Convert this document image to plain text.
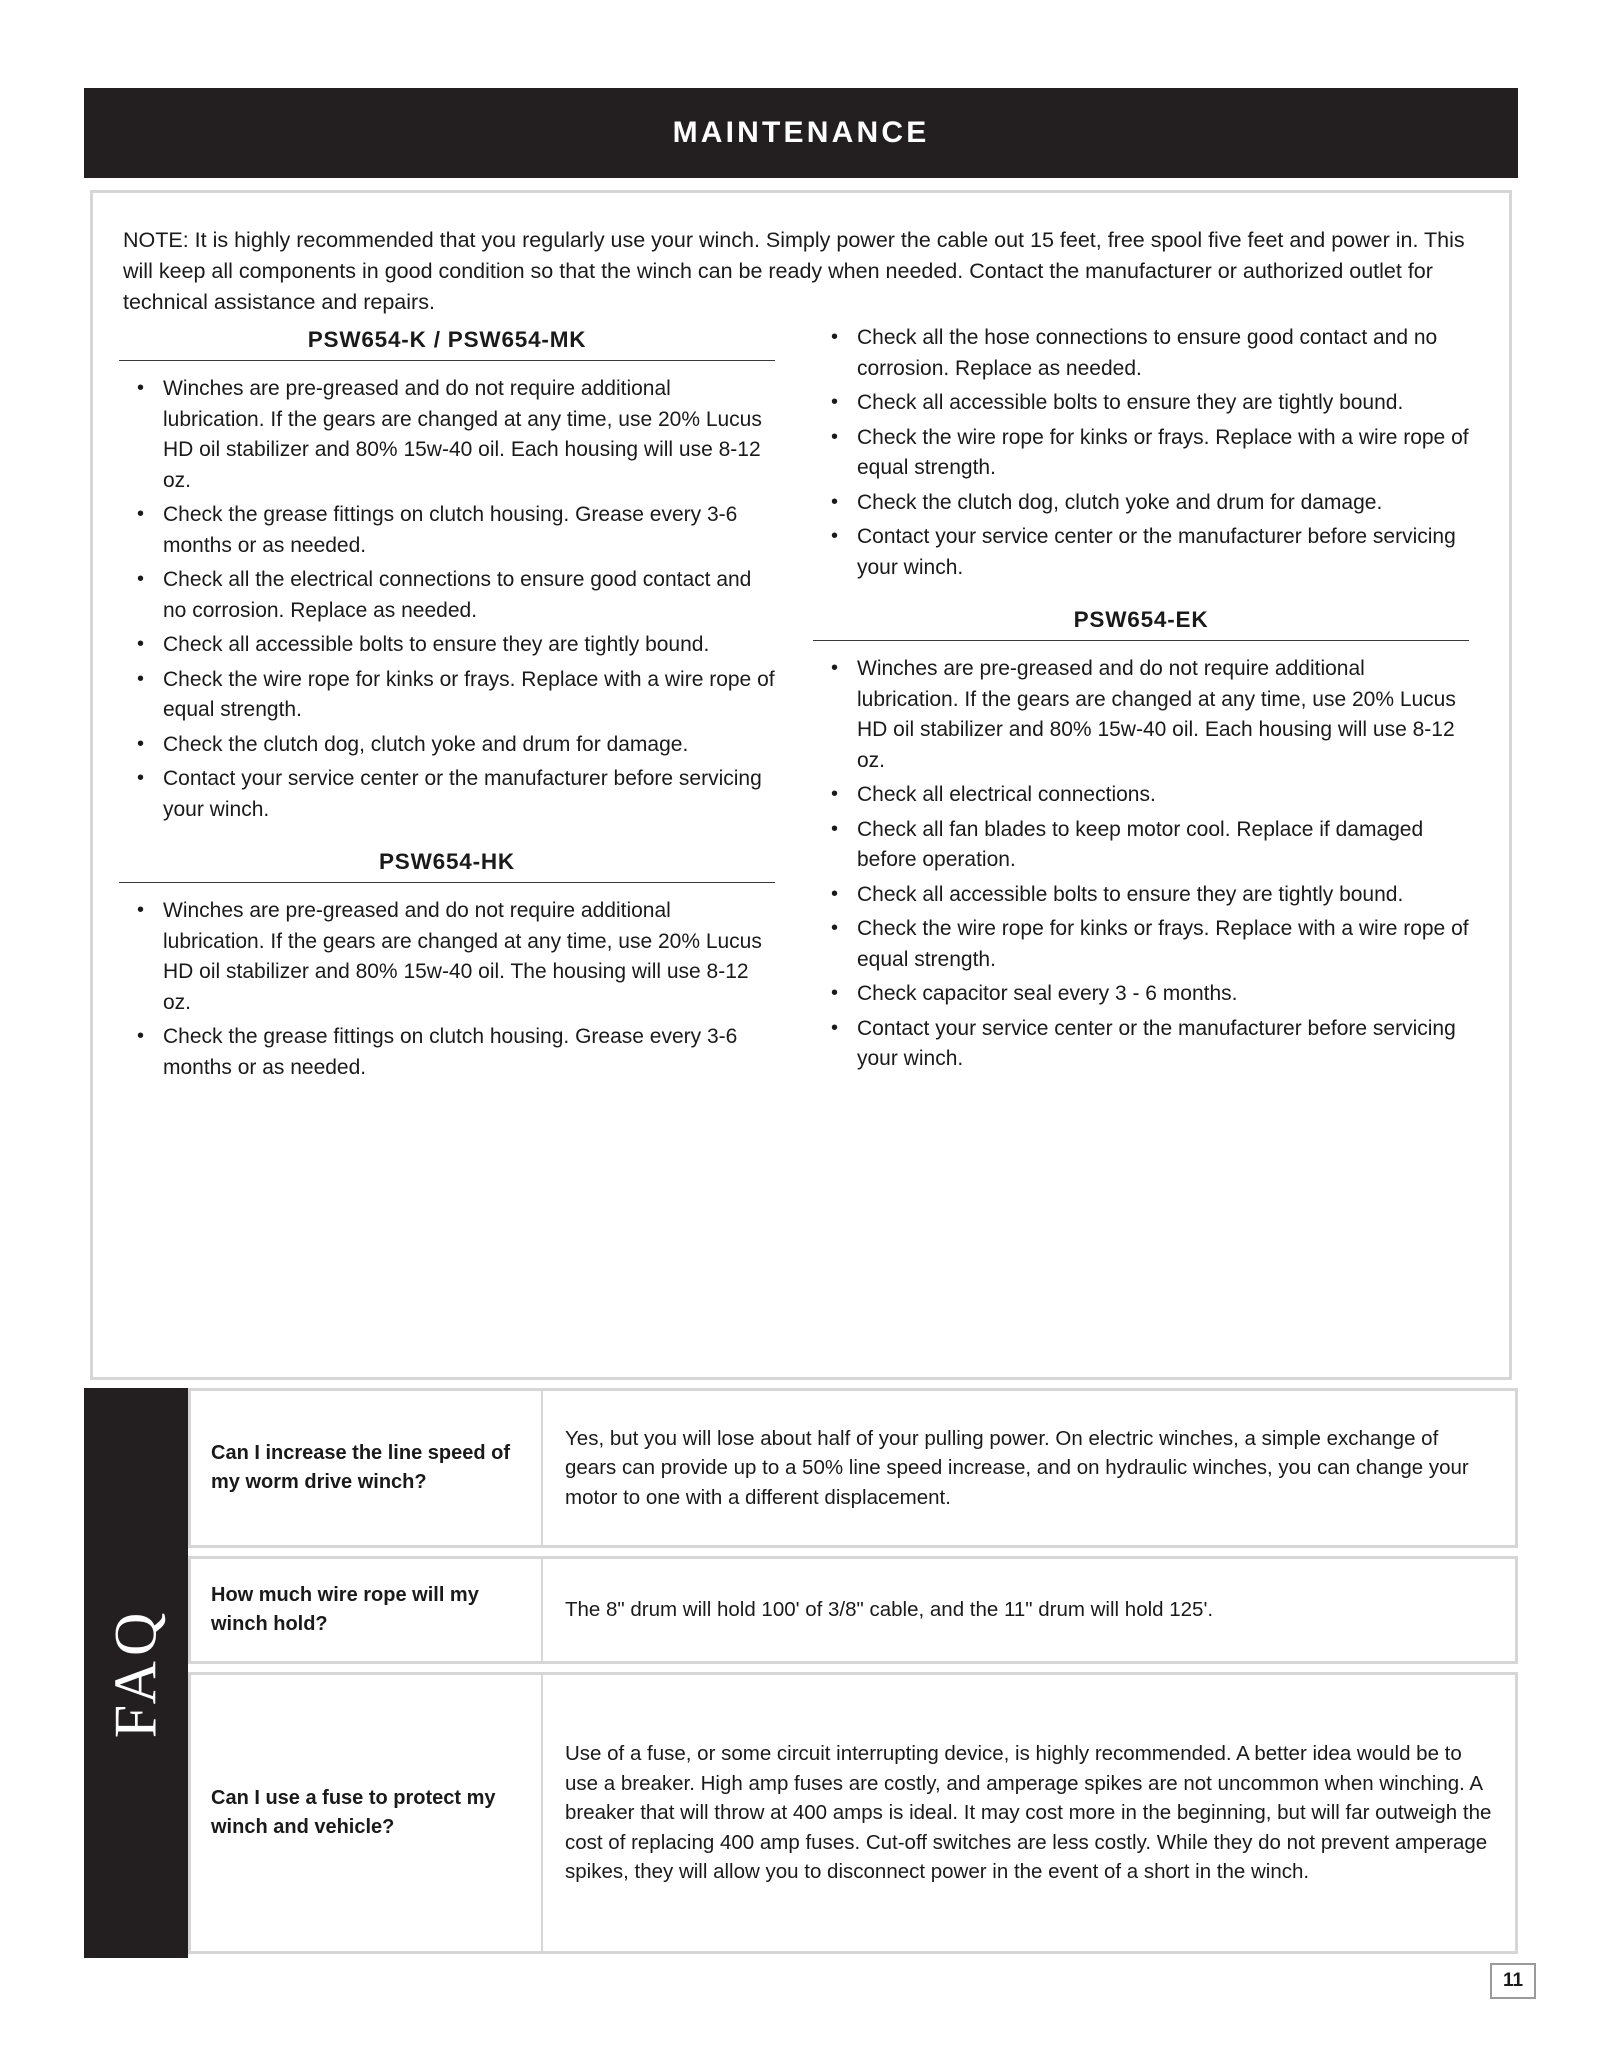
MAINTENANCE
NOTE: It is highly recommended that you regularly use your winch. Simply power the cable out 15 feet, free spool five feet and power in. This will keep all components in good condition so that the winch can be ready when needed. Contact the manufacturer or authorized outlet for technical assistance and repairs.
PSW654-K / PSW654-MK
• Winches are pre-greased and do not require additional lubrication. If the gears are changed at any time, use 20% Lucus HD oil stabilizer and 80% 15w-40 oil. Each housing will use 8-12 oz.
• Check the grease fittings on clutch housing. Grease every 3-6 months or as needed.
• Check all the electrical connections to ensure good contact and no corrosion. Replace as needed.
• Check all accessible bolts to ensure they are tightly bound.
• Check the wire rope for kinks or frays. Replace with a wire rope of equal strength.
• Check the clutch dog, clutch yoke and drum for damage.
• Contact your service center or the manufacturer before servicing your winch.
PSW654-HK
• Winches are pre-greased and do not require additional lubrication. If the gears are changed at any time, use 20% Lucus HD oil stabilizer and 80% 15w-40 oil. The housing will use 8-12 oz.
• Check the grease fittings on clutch housing. Grease every 3-6 months or as needed.
• Check all the hose connections to ensure good contact and no corrosion. Replace as needed.
• Check all accessible bolts to ensure they are tightly bound.
• Check the wire rope for kinks or frays. Replace with a wire rope of equal strength.
• Check the clutch dog, clutch yoke and drum for damage.
• Contact your service center or the manufacturer before servicing your winch.
PSW654-EK
• Winches are pre-greased and do not require additional lubrication. If the gears are changed at any time, use 20% Lucus HD oil stabilizer and 80% 15w-40 oil. Each housing will use 8-12 oz.
• Check all electrical connections.
• Check all fan blades to keep motor cool. Replace if damaged before operation.
• Check all accessible bolts to ensure they are tightly bound.
• Check the wire rope for kinks or frays. Replace with a wire rope of equal strength.
• Check capacitor seal every 3 - 6 months.
• Contact your service center or the manufacturer before servicing your winch.
FAQ
Can I increase the line speed of my worm drive winch?
Yes, but you will lose about half of your pulling power. On electric winches, a simple exchange of gears can provide up to a 50% line speed increase, and on hydraulic winches, you can change your motor to one with a different displacement.
How much wire rope will my winch hold?
The 8" drum will hold 100' of 3/8" cable, and the 11" drum will hold 125'.
Can I use a fuse to protect my winch and vehicle?
Use of a fuse, or some circuit interrupting device, is highly recommended. A better idea would be to use a breaker. High amp fuses are costly, and amperage spikes are not uncommon when winching. A breaker that will throw at 400 amps is ideal. It may cost more in the beginning, but will far outweigh the cost of replacing 400 amp fuses. Cut-off switches are less costly. While they do not prevent amperage spikes, they will allow you to disconnect power in the event of a short in the winch.
11
